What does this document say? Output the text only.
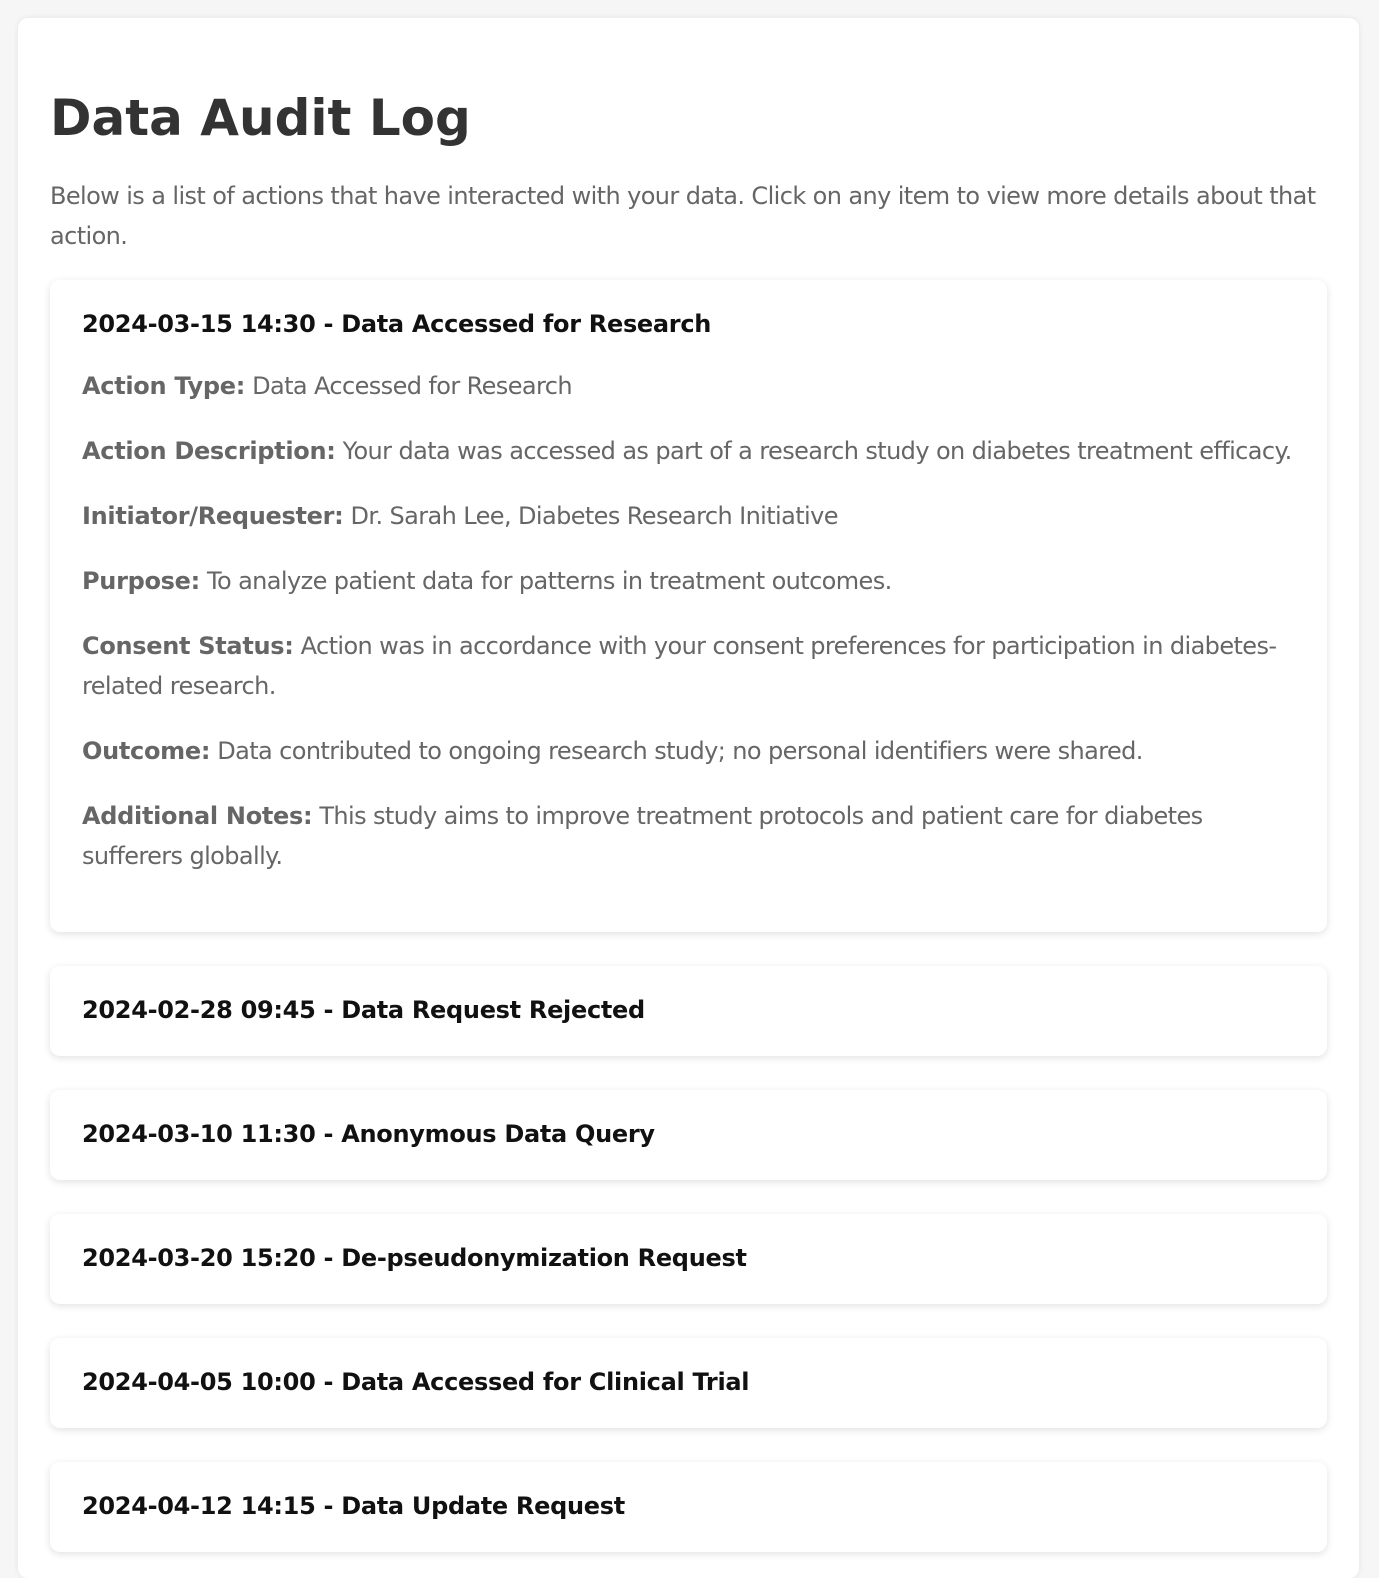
Data Audit Log

Below is a list of actions that have interacted with your data. Click on any item to view more details about that action.

2024-03-15 14:30 - Data Accessed for Research

Action Type: Data Accessed for Research

Action Description: Your data was accessed as part of a research study on diabetes treatment efficacy.

Initiator/Requester: Dr. Sarah Lee, Diabetes Research Initiative

Purpose: To analyze patient data for patterns in treatment outcomes.

Consent Status: Action was in accordance with your consent preferences for participation in diabetes-related research.

Outcome: Data contributed to ongoing research study; no personal identifiers were shared.

Additional Notes: This study aims to improve treatment protocols and patient care for diabetes sufferers globally.

2024-02-28 09:45 - Data Request Rejected
2024-03-10 11:30 - Anonymous Data Query
2024-03-20 15:20 - De-pseudonymization Request
2024-04-05 10:00 - Data Accessed for Clinical Trial
2024-04-12 14:15 - Data Update Request
